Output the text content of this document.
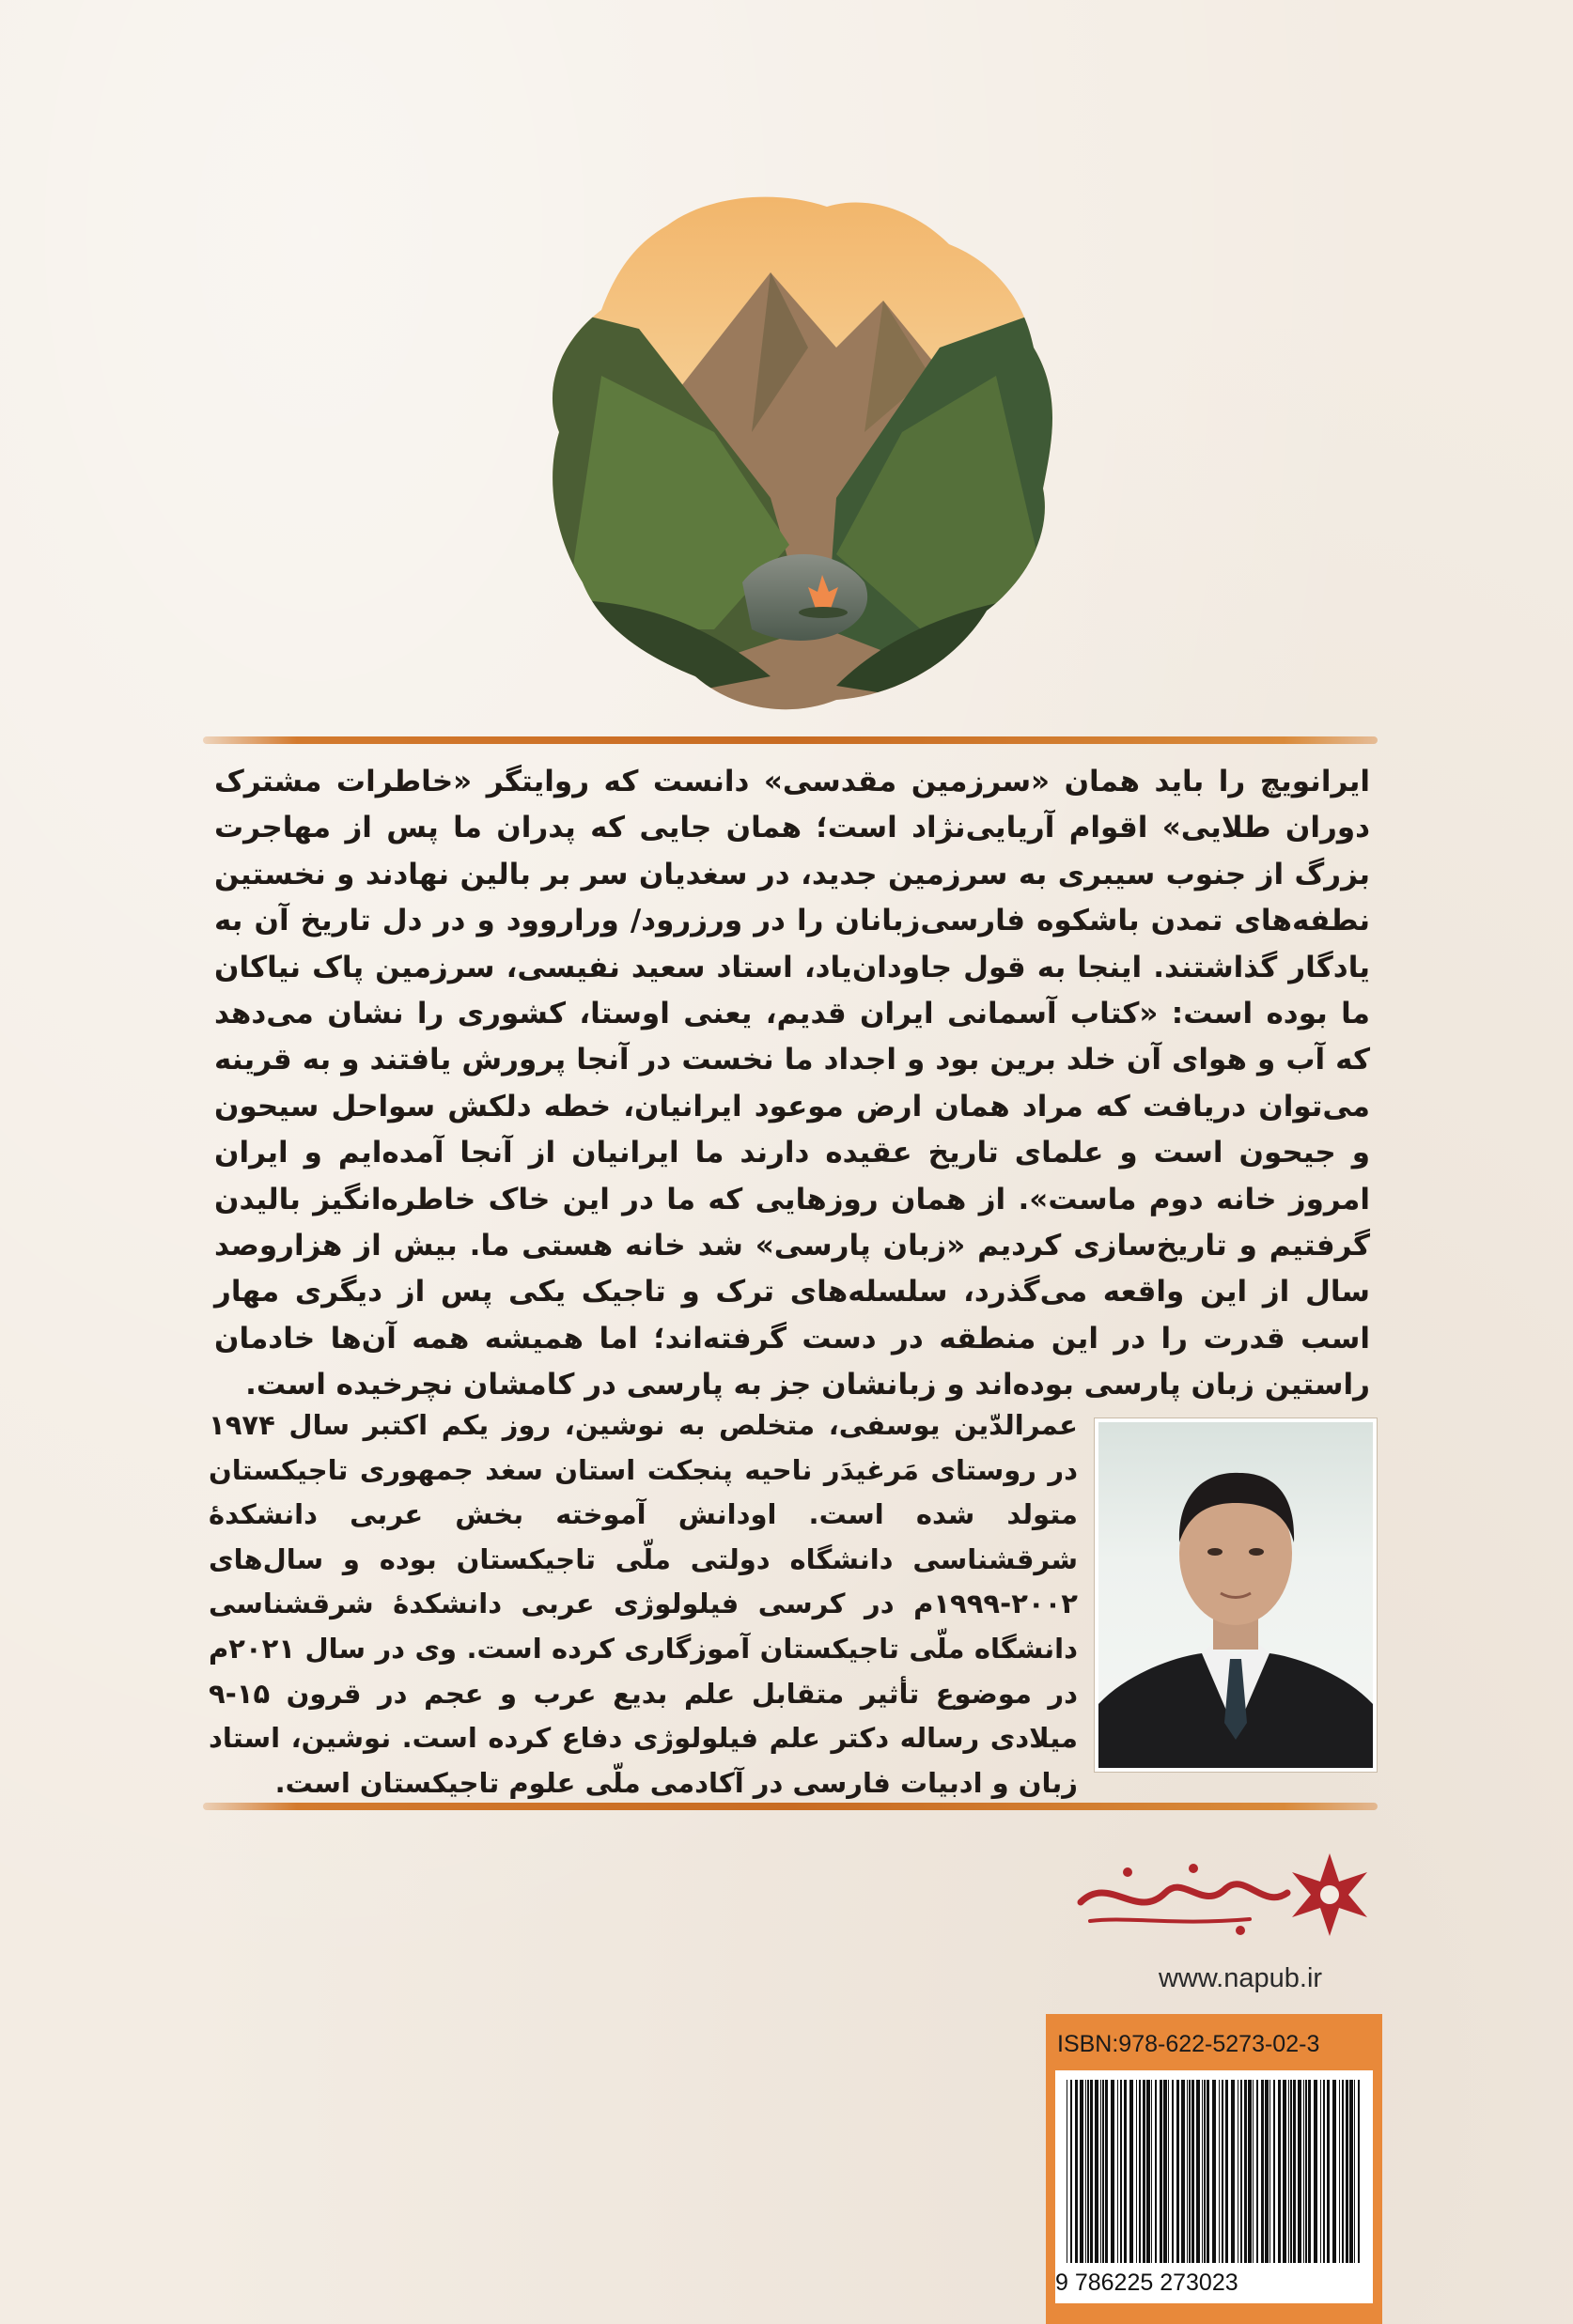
ایرانویچ را باید همان «سرزمین مقدسی» دانست که روایتگر «خاطرات مشترک دوران طلایی» اقوام آریایی‌نژاد است؛ همان جایی که پدران ما پس از مهاجرت بزرگ از جنوب سیبری به سرزمین جدید، در سغدیان سر بر بالین نهادند و نخستین نطفه‌های تمدن باشکوه فارسی‌زبانان را در ورزرود/ وراروود و در دل تاریخ آن به یادگار گذاشتند. اینجا به قول جاودان‌یاد، استاد سعید نفیسی، سرزمین پاک نیاکان ما بوده است: «کتاب آسمانی ایران قدیم، یعنی اوستا، کشوری را نشان می‌دهد که آب و هوای آن خلد برین بود و اجداد ما نخست در آنجا پرورش یافتند و به قرینه می‌توان دریافت که مراد همان ارض موعود ایرانیان، خطه دلکش سواحل سیحون و جیحون است و علمای تاریخ عقیده دارند ما ایرانیان از آنجا آمده‌ایم و ایران امروز خانه دوم ماست». از همان روزهایی که ما در این خاک خاطره‌انگیز بالیدن گرفتیم و تاریخ‌سازی کردیم «زبان پارسی» شد خانه هستی ما. بیش از هزاروصد سال از این واقعه می‌گذرد، سلسله‌های ترک و تاجیک یکی پس از دیگری مهار اسب قدرت را در این منطقه در دست گرفته‌اند؛ اما همیشه همه آن‌ها خادمان راستین زبان پارسی بوده‌اند و زبانشان جز به پارسی در کامشان نچرخیده است.
عمرالدّین یوسفی، متخلص به نوشین، روز یکم اکتبر سال ۱۹۷۴ در روستای مَرغیدَر ناحیه پنجکت استان سغد جمهوری تاجیکستان متولد شده است. اودانش آموخته بخش عربی دانشکدهٔ شرقشناسی دانشگاه دولتی ملّی تاجیکستان بوده و سال‌های ۲۰۰۲-۱۹۹۹م در کرسی فیلولوژی عربی دانشکدهٔ شرقشناسی دانشگاه ملّی تاجیکستان آموزگاری کرده است. وی در سال ۲۰۲۱م در موضوع تأثیر متقابل علم بدیع عرب و عجم در قرون ۱۵-۹ میلادی رساله دکتر علم فیلولوژی دفاع کرده است. نوشین، استاد زبان و ادبیات فارسی در آکادمی ملّی علوم تاجیکستان است.
www.napub.ir
ISBN:978-622-5273-02-3
9 786225 273023
